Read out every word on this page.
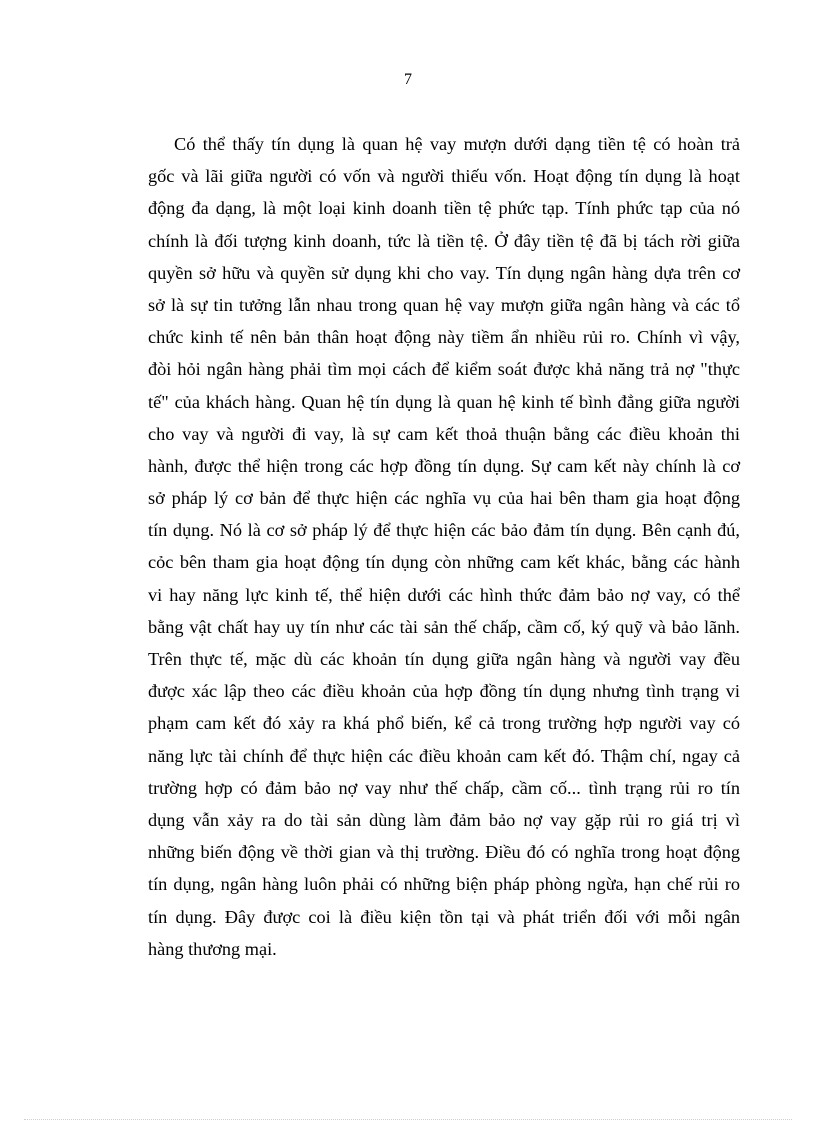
7
Có thể thấy tín dụng là quan hệ vay mượn dưới dạng tiền tệ có hoàn trả
gốc và lãi giữa người có vốn và người thiếu vốn. Hoạt động tín dụng là hoạt
động đa dạng, là một loại kinh doanh tiền tệ phức tạp. Tính phức tạp của nó
chính là đối tượng kinh doanh, tức là tiền tệ. Ở đây tiền tệ đã bị tách rời giữa
quyền sở hữu và quyền sử dụng khi cho vay. Tín dụng ngân hàng dựa trên cơ
sở là sự tin tưởng lẫn nhau trong quan hệ vay mượn giữa ngân hàng và các tổ
chức kinh tế nên bản thân hoạt động này tiềm ẩn nhiều rủi ro. Chính vì vậy,
đòi hỏi ngân hàng phải tìm mọi cách để kiểm soát được khả năng trả nợ "thực
tế" của khách hàng. Quan hệ tín dụng là quan hệ kinh tế bình đẳng giữa người
cho vay và người đi vay, là sự cam kết thoả thuận bằng các điều khoản thi
hành, được thể hiện trong các hợp đồng tín dụng. Sự cam kết này chính là cơ
sở pháp lý cơ bản để thực hiện các nghĩa vụ của hai bên tham gia hoạt động
tín dụng. Nó là cơ sở pháp lý để thực hiện các bảo đảm tín dụng. Bên cạnh đú,
cỏc bên tham gia hoạt động tín dụng còn những cam kết khác, bằng các hành
vi hay năng lực kinh tế, thể hiện dưới các hình thức đảm bảo nợ vay, có thể
bằng vật chất hay uy tín như các tài sản thế chấp, cầm cố, ký quỹ và bảo lãnh.
Trên thực tế, mặc dù các khoản tín dụng giữa ngân hàng và người vay đều
được xác lập theo các điều khoản của hợp đồng tín dụng nhưng tình trạng vi
phạm cam kết đó xảy ra khá phổ biến, kể cả trong trường hợp người vay có
năng lực tài chính để thực hiện các điều khoản cam kết đó. Thậm chí, ngay cả
trường hợp có đảm bảo nợ vay như thế chấp, cầm cố... tình trạng rủi ro tín
dụng vẫn xảy ra do tài sản dùng làm đảm bảo nợ vay gặp rủi ro giá trị vì
những biến động về thời gian và thị trường. Điều đó có nghĩa trong hoạt động
tín dụng, ngân hàng luôn phải có những biện pháp phòng ngừa, hạn chế rủi ro
tín dụng. Đây được coi là điều kiện tồn tại và phát triển đối với mỗi ngân
hàng thương mại.
